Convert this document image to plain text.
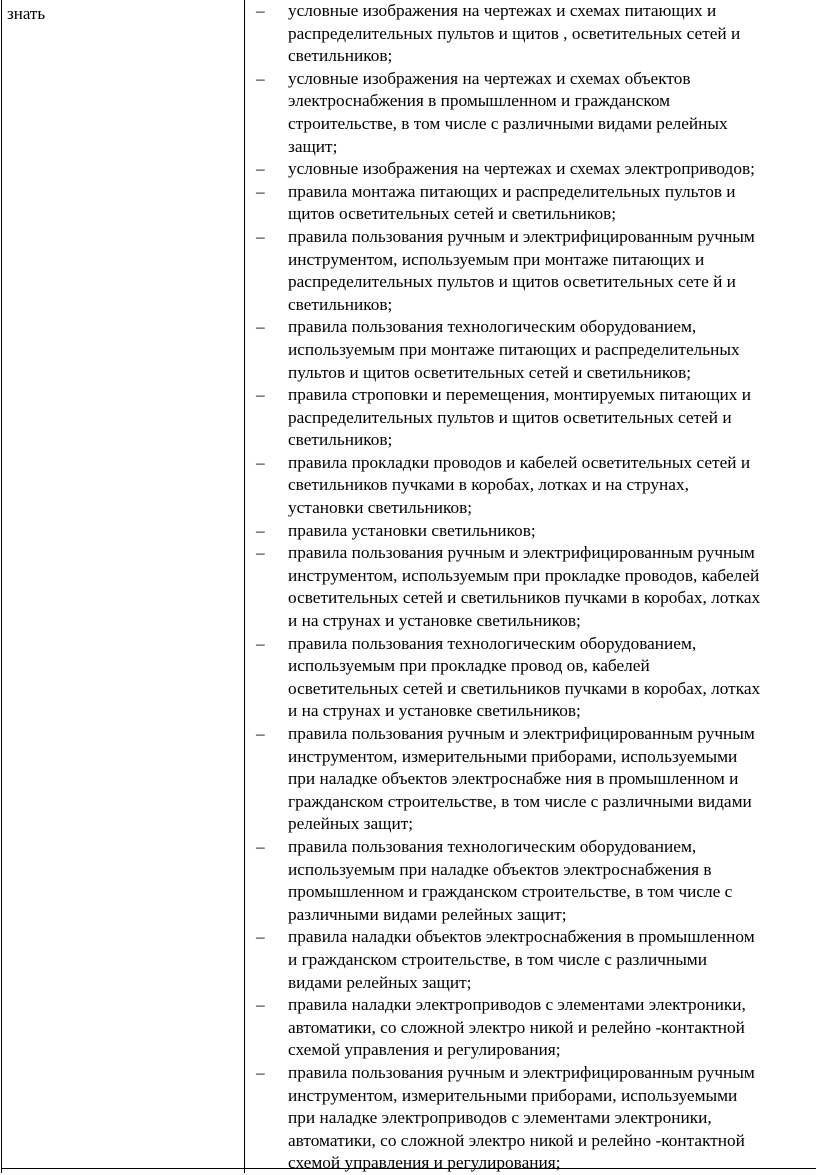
знать	– условные изображения на чертежах и схемах питающих и
распределительных пультов и щитов , осветительных сетей и
светильников;
– условные изображения на чертежах и схемах объектов
электроснабжения в промышленном и гражданском
строительстве, в том числе с различными видами релейных
защит;
– условные изображения на чертежах и схемах электроприводов;
– правила монтажа питающих и распределительных пультов и
щитов осветительных сетей и светильников;
– правила пользования ручным и электрифицированным ручным
инструментом, используемым при монтаже питающих и
распределительных пультов и щитов осветительных сете й и
светильников;
– правила пользования технологическим оборудованием,
используемым при монтаже питающих и распределительных
пультов и щитов осветительных сетей и светильников;
– правила строповки и перемещения, монтируемых питающих и
распределительных пультов и щитов осветительных сетей и
светильников;
– правила прокладки проводов и кабелей осветительных сетей и
светильников пучками в коробах, лотках и на струнах,
установки светильников;
– правила установки светильников;
– правила пользования ручным и электрифицированным ручным
инструментом, используемым при прокладке проводов, кабелей
осветительных сетей и светильников пучками в коробах, лотках
и на струнах и установке светильников;
– правила пользования технологическим оборудованием,
используемым при прокладке провод ов, кабелей
осветительных сетей и светильников пучками в коробах, лотках
и на струнах и установке светильников;
– правила пользования ручным и электрифицированным ручным
инструментом, измерительными приборами, используемыми
при наладке объектов электроснабже ния в промышленном и
гражданском строительстве, в том числе с различными видами
релейных защит;
– правила пользования технологическим оборудованием,
используемым при наладке объектов электроснабжения в
промышленном и гражданском строительстве, в том числе с
различными видами релейных защит;
– правила наладки объектов электроснабжения в промышленном
и гражданском строительстве, в том числе с различными
видами релейных защит;
– правила наладки электроприводов с элементами электроники,
автоматики, со сложной электро никой и релейно -контактной
схемой управления и регулирования;
– правила пользования ручным и электрифицированным ручным
инструментом, измерительными приборами, используемыми
при наладке электроприводов с элементами электроники,
автоматики, со сложной электро никой и релейно -контактной
схемой управления и регулирования;
